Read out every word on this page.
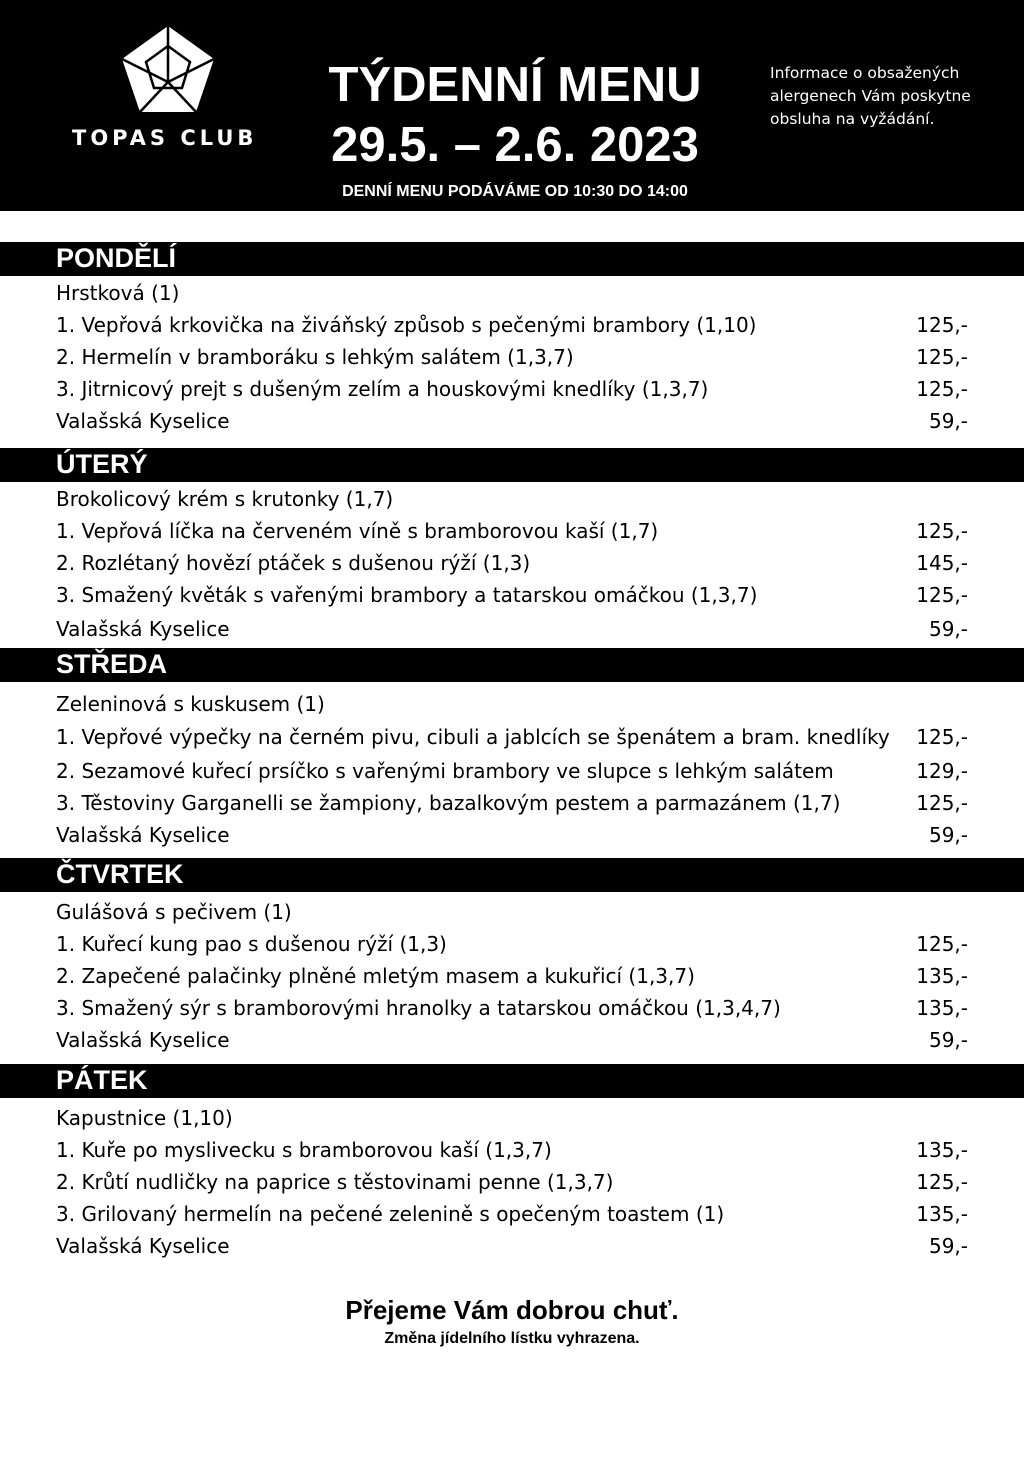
TOPAS CLUB
TÝDENNÍ MENU
29.5. – 2.6. 2023
DENNÍ MENU PODÁVÁME OD 10:30 DO 14:00
Informace o obsažených alergenech Vám poskytne obsluha na vyžádání.
PONDĚLÍ
Hrstková (1)
1. Vepřová krkovička na živáňský způsob s pečenými brambory (1,10)	125,-
2. Hermelín v bramboráku s lehkým salátem (1,3,7)	125,-
3. Jitrnicový prejt s dušeným zelím a houskovými knedlíky (1,3,7)	125,-
Valašská Kyselice	59,-
ÚTERÝ
Brokolicový krém s krutonky (1,7)
1. Vepřová líčka na červeném víně s bramborovou kaší (1,7)	125,-
2. Rozlétaný hovězí ptáček s dušenou rýží (1,3)	145,-
3. Smažený květák s vařenými brambory a tatarskou omáčkou (1,3,7)	125,-
Valašská Kyselice	59,-
STŘEDA
Zeleninová s kuskusem (1)
1. Vepřové výpečky na černém pivu, cibuli a jablcích se špenátem a bram. knedlíky 125,-
2. Sezamové kuřecí prsíčko s vařenými brambory ve slupce s lehkým salátem	129,-
3. Těstoviny Garganelli se žampiony, bazalkovým pestem a parmazánem (1,7)	125,-
Valašská Kyselice	59,-
ČTVRTEK
Gulášová s pečivem (1)
1. Kuřecí kung pao s dušenou rýží (1,3)	125,-
2. Zapečené palačinky plněné mletým masem a kukuřicí (1,3,7)	135,-
3. Smažený sýr s bramborovými hranolky a tatarskou omáčkou (1,3,4,7)	135,-
Valašská Kyselice	59,-
PÁTEK
Kapustnice (1,10)
1. Kuře po myslivecku s bramborovou kaší (1,3,7)	135,-
2. Krůtí nudličky na paprice s těstovinami penne (1,3,7)	125,-
3. Grilovaný hermelín na pečené zelenině s opečeným toastem (1)	135,-
Valašská Kyselice	59,-
Přejeme Vám dobrou chuť.
Změna jídelního lístku vyhrazena.
